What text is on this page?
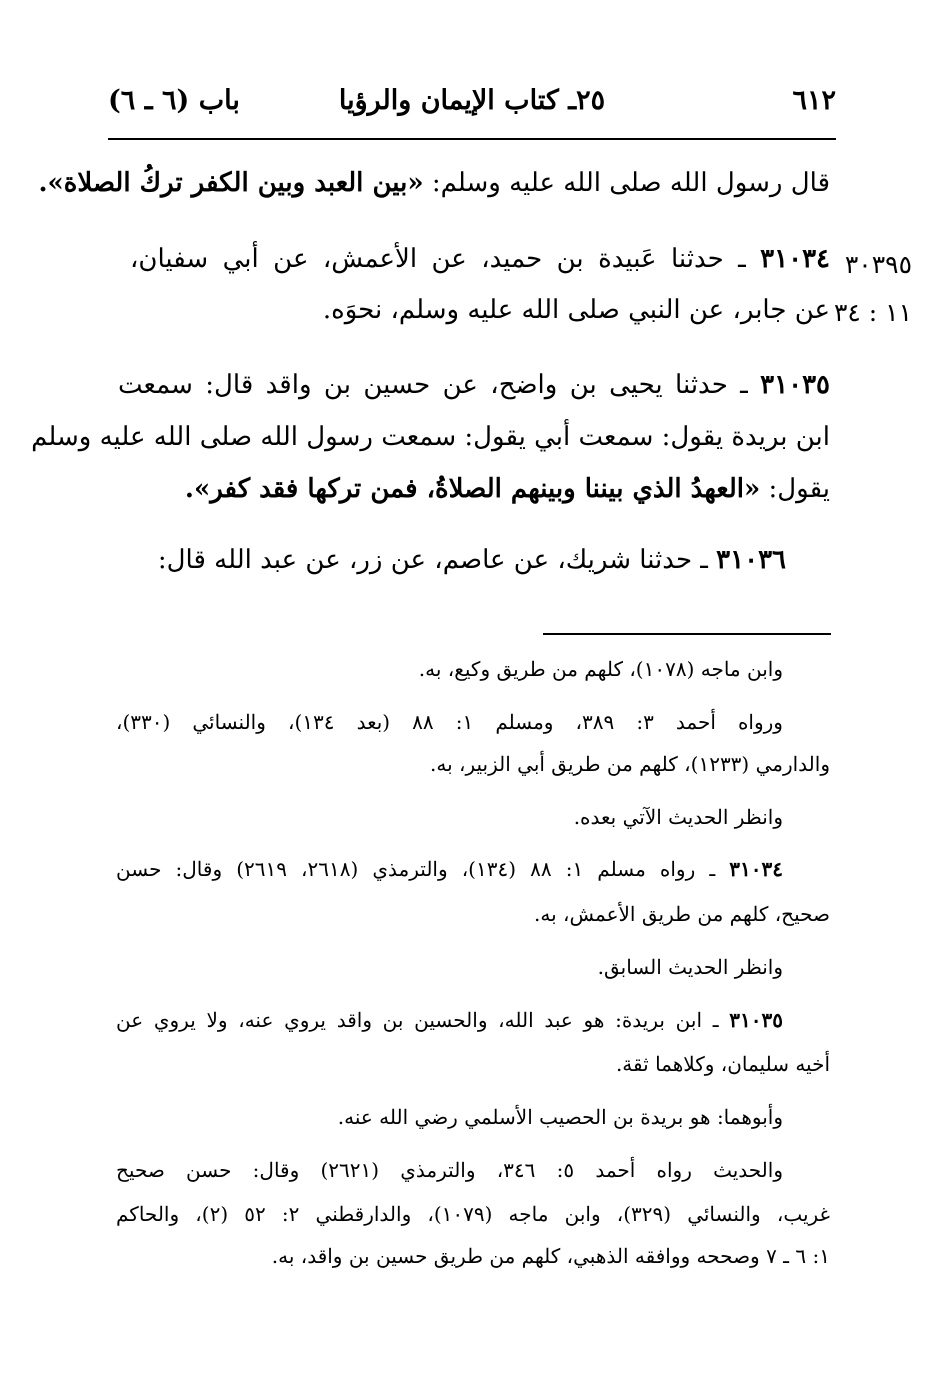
٦١٢
٢٥ـ كتاب الإيمان والرؤيا
باب (٦ ـ ٦)
قال رسول الله صلى الله عليه وسلم: «بين العبد وبين الكفر تركُ الصلاة».
٣١٠٣٤ ـ حدثنا عَبيدة بن حميد، عن الأعمش، عن أبي سفيان،
عن جابر، عن النبي صلى الله عليه وسلم، نحوَه.
٣٠٣٩٥
١١ : ٣٤
٣١٠٣٥ ـ حدثنا يحيى بن واضح، عن حسين بن واقد قال: سمعت
ابن بريدة يقول: سمعت أبي يقول: سمعت رسول الله صلى الله عليه وسلم
يقول: «العهدُ الذي بيننا وبينهم الصلاةُ، فمن تركها فقد كفر».
٣١٠٣٦ ـ حدثنا شريك، عن عاصم، عن زر، عن عبد الله قال:
وابن ماجه (١٠٧٨)، كلهم من طريق وكيع، به.
ورواه أحمد ٣: ٣٨٩، ومسلم ١: ٨٨ (بعد ١٣٤)، والنسائي (٣٣٠)،
والدارمي (١٢٣٣)، كلهم من طريق أبي الزبير، به.
وانظر الحديث الآتي بعده.
٣١٠٣٤ ـ رواه مسلم ١: ٨٨ (١٣٤)، والترمذي (٢٦١٨، ٢٦١٩) وقال: حسن
صحيح، كلهم من طريق الأعمش، به.
وانظر الحديث السابق.
٣١٠٣٥ ـ ابن بريدة: هو عبد الله، والحسين بن واقد يروي عنه، ولا يروي عن
أخيه سليمان، وكلاهما ثقة.
وأبوهما: هو بريدة بن الحصيب الأسلمي رضي الله عنه.
والحديث رواه أحمد ٥: ٣٤٦، والترمذي (٢٦٢١) وقال: حسن صحيح
غريب، والنسائي (٣٢٩)، وابن ماجه (١٠٧٩)، والدارقطني ٢: ٥٢ (٢)، والحاكم
١: ٦ ـ ٧ وصححه ووافقه الذهبي، كلهم من طريق حسين بن واقد، به.
